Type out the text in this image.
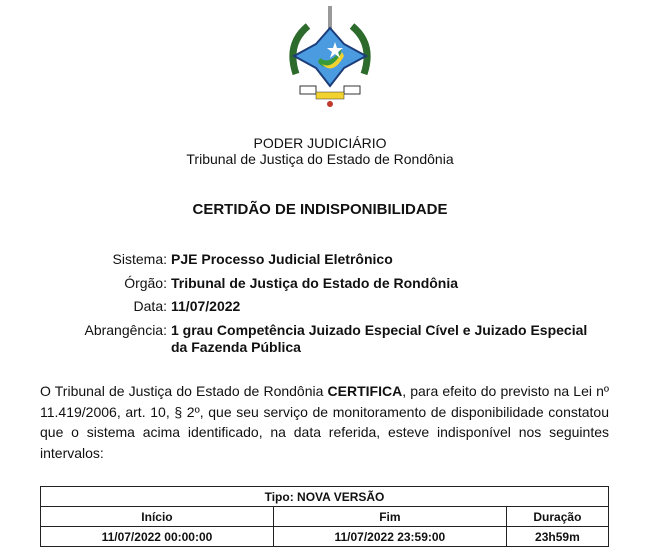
PODER JUDICIÁRIO
Tribunal de Justiça do Estado de Rondônia
CERTIDÃO DE INDISPONIBILIDADE
Sistema: PJE Processo Judicial Eletrônico
Órgão: Tribunal de Justiça do Estado de Rondônia
Data: 11/07/2022
Abrangência: 1 grau Competência Juizado Especial Cível e Juizado Especial da Fazenda Pública
O Tribunal de Justiça do Estado de Rondônia CERTIFICA, para efeito do previsto na Lei nº 11.419/2006, art. 10, § 2º, que seu serviço de monitoramento de disponibilidade constatou que o sistema acima identificado, na data referida, esteve indisponível nos seguintes intervalos:
Tipo: NOVA VERSÃO		
Início	Fim	Duração
11/07/2022 00:00:00	11/07/2022 23:59:00	23h59m
